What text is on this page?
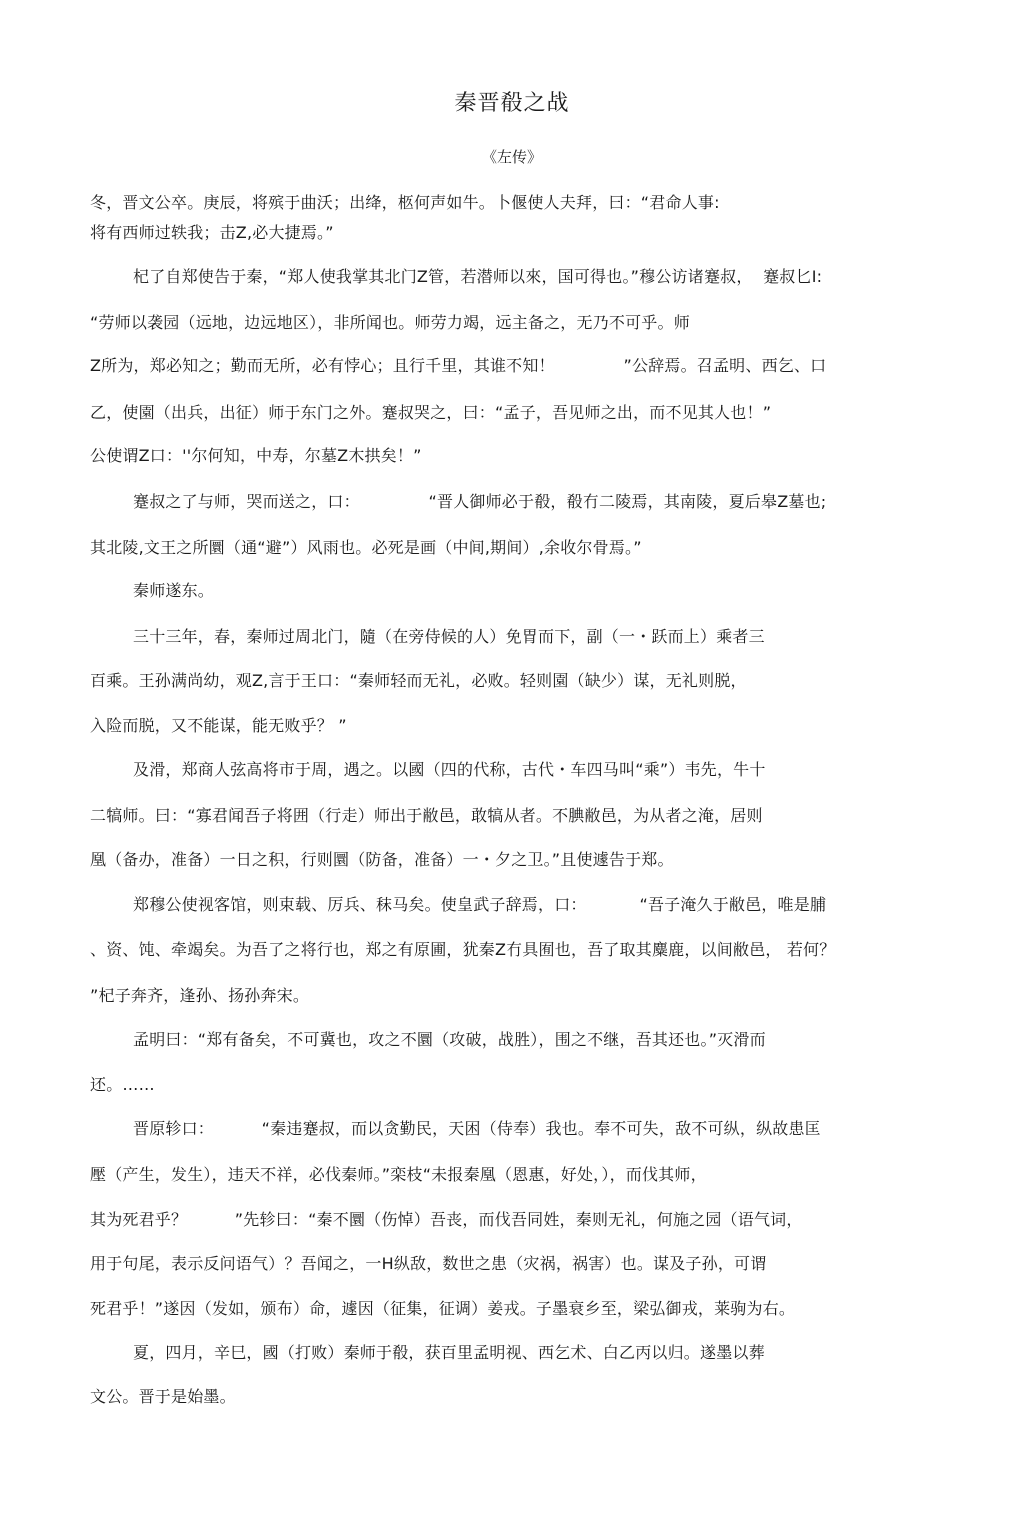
秦晋殽之战
《左传》
冬，晋文公卒。庚辰，将殡于曲沃；出绛，柩何声如牛。卜偃使人夫拜，曰：“君命人事:
将有西师过轶我；击Z,必大捷焉。”
杞了自郑使告于秦，“郑人使我掌其北门Z管，若潜师以來，国可得也。”穆公访诸蹇叔，  蹇叔匕I:
“劳师以袭园（远地，边远地区），非所闻也。师劳力竭，远主备之，无乃不可乎。师
Z所为，郑必知之；勤而无所，必有悖心；且行千里，其谁不知！             ”公辞焉。召孟明、西乞、口
乙，使園（出兵，出征）师于东门之外。蹇叔哭之，曰：“孟子，吾见师之出，而不见其人也！”
公使谓Z口：''尔何知，中寿，尔墓Z木拱矣！”
蹇叔之了与师，哭而送之，口：             “晋人御师必于殽，殽冇二陵焉，其南陵，夏后皋Z墓也;
其北陵,文王之所圜（通“避”）风雨也。必死是画（中间,期间）,余收尔骨焉。”
秦师遂东。
三十三年，春，秦师过周北门，隨（在旁侍候的人）免胃而下，副（一・跃而上）乘者三
百乘。王孙满尚幼，观Z,言于王口：“秦师轻而无礼，必败。轻则園（缺少）谋，无礼则脱，
入险而脱，又不能谋，能无败乎？ ”
及滑，郑商人弦高将市于周，遇之。以國（四的代称，古代・车四马叫“乘”）韦先，牛十
二犒师。曰：“寡君闻吾子将囲（行走）师出于敝邑，敢犒从者。不腆敝邑，为从者之淹，居则
凰（备办，准备）一日之积，行则圜（防备，准备）一・夕之卫。”且使遽告于郑。
郑穆公使视客馆，则束载、厉兵、秣马矣。使皇武子辞焉，口：          “吾子淹久于敝邑，唯是脯
、资、饨、牵竭矣。为吾了之将行也，郑之有原圃，犹秦Z冇具囿也，吾了取其麋鹿，以间敝邑， 若何？
”杞子奔齐，逢孙、扬孙奔宋。
孟明曰：“郑有备矣，不可冀也，攻之不圜（攻破，战胜），围之不继，吾其还也。”灭滑而
还。……
晋原轸口：         “秦违蹇叔，而以贪勤民，天困（侍奉）我也。奉不可失，敌不可纵，纵故患匡
壓（产生，发生），违天不祥，必伐秦师。”栾枝“未报秦凰（恩惠，好处，），而伐其师，
其为死君乎？         ”先轸曰：“秦不圜（伤悼）吾丧，而伐吾同姓，秦则无礼，何施之园（语气词，
用于句尾，表示反问语气）？吾闻之，一H纵敌，数世之患（灾祸，祸害）也。谋及子孙，可谓
死君乎！”遂因（发如，颁布）命，遽因（征集，征调）姜戎。子墨衰乡至，梁弘御戎，莱驹为右。
夏，四月，辛巳，國（打败）秦师于殽，获百里孟明视、西乞术、白乙丙以归。遂墨以葬
文公。晋于是始墨。
